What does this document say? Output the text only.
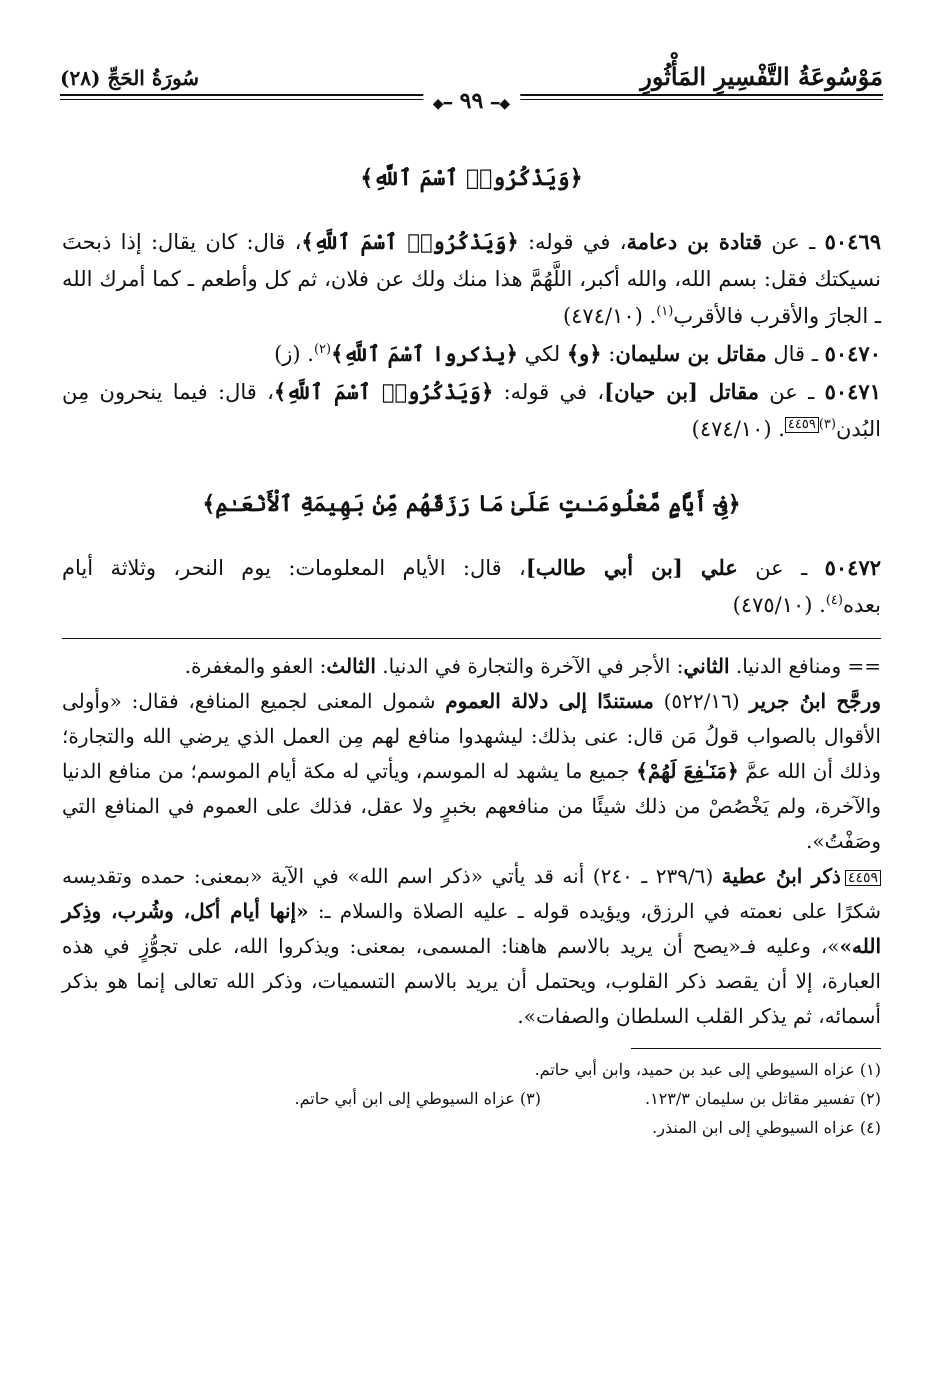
مَوْسُوعَةُ التَّفْسِيرِ المَأْثُورِ
سُورَةُ الحَجِّ (٢٨)
◆━ ٩٩ ━◆
﴿وَيَذْكُرُوا۟ ٱسْمَ ٱللَّهِ﴾

٥٠٤٦٩ ـ عن قتادة بن دعامة، في قوله: ﴿وَيَذْكُرُوا۟ ٱسْمَ ٱللَّهِ﴾، قال: كان يقال: إذا ذبحتَ نسيكتك فقل: بسم الله، والله أكبر، اللَّهُمَّ هذا منك ولك عن فلان، ثم كل وأطعم ـ كما أمرك الله ـ الجارَ والأقرب فالأقرب$^{(١)}$. (٤٧٤/١٠)

٥٠٤٧٠ ـ قال مقاتل بن سليمان: ﴿و﴾ لكي ﴿يذكروا ٱسْمَ ٱللَّهِ﴾$^{(٢)}$. (ز)

٥٠٤٧١ ـ عن مقاتل [بن حيان]، في قوله: ﴿وَيَذْكُرُوا۟ ٱسْمَ ٱللَّهِ﴾، قال: فيما ينحرون مِن البُدن$^{(٣)}$٤٤٥٩. (٤٧٤/١٠)

﴿فِىٓ أَيَّامٍ مَّعْلُومَـٰتٍ عَلَىٰ مَا رَزَقَهُم مِّنۢ بَهِيمَةِ ٱلْأَنْعَـٰمِ﴾

٥٠٤٧٢ ـ عن علي [بن أبي طالب]، قال: الأيام المعلومات: يوم النحر، وثلاثة أيام بعده$^{(٤)}$. (٤٧٥/١٠)

== ومنافع الدنيا. الثاني: الأجر في الآخرة والتجارة في الدنيا. الثالث: العفو والمغفرة.

ورجَّح ابنُ جرير (٥٢٢/١٦) مستندًا إلى دلالة العموم شمول المعنى لجميع المنافع، فقال: «وأولى الأقوال بالصواب قولُ مَن قال: عنى بذلك: ليشهدوا منافع لهم مِن العمل الذي يرضي الله والتجارة؛ وذلك أن الله عمَّ ﴿مَنَـٰفِعَ لَهُمْ﴾ جميع ما يشهد له الموسم، ويأتي له مكة أيام الموسم؛ من منافع الدنيا والآخرة، ولم يَخْصُصْ من ذلك شيئًا من منافعهم بخبرٍ ولا عقل، فذلك على العموم في المنافع التي وصَفْتُ».

٤٤٥٩ذكر ابنُ عطية (٢٣٩/٦ ـ ٢٤٠) أنه قد يأتي «ذكر اسم الله» في الآية «بمعنى: حمده وتقديسه شكرًا على نعمته في الرزق، ويؤيده قوله ـ عليه الصلاة والسلام ـ: «إنها أيام أكل، وشُرب، وذِكر الله»»، وعليه فـ«يصح أن يريد بالاسم هاهنا: المسمى، بمعنى: ويذكروا الله، على تجوُّزٍ في هذه العبارة، إلا أن يقصد ذكر القلوب، ويحتمل أن يريد بالاسم التسميات، وذكر الله تعالى إنما هو بذكر أسمائه، ثم يذكر القلب السلطان والصفات».

(١) عزاه السيوطي إلى عبد بن حميد، وابن أبي حاتم.
(٢) تفسير مقاتل بن سليمان ١٢٣/٣.
(٣) عزاه السيوطي إلى ابن أبي حاتم.
(٤) عزاه السيوطي إلى ابن المنذر.
